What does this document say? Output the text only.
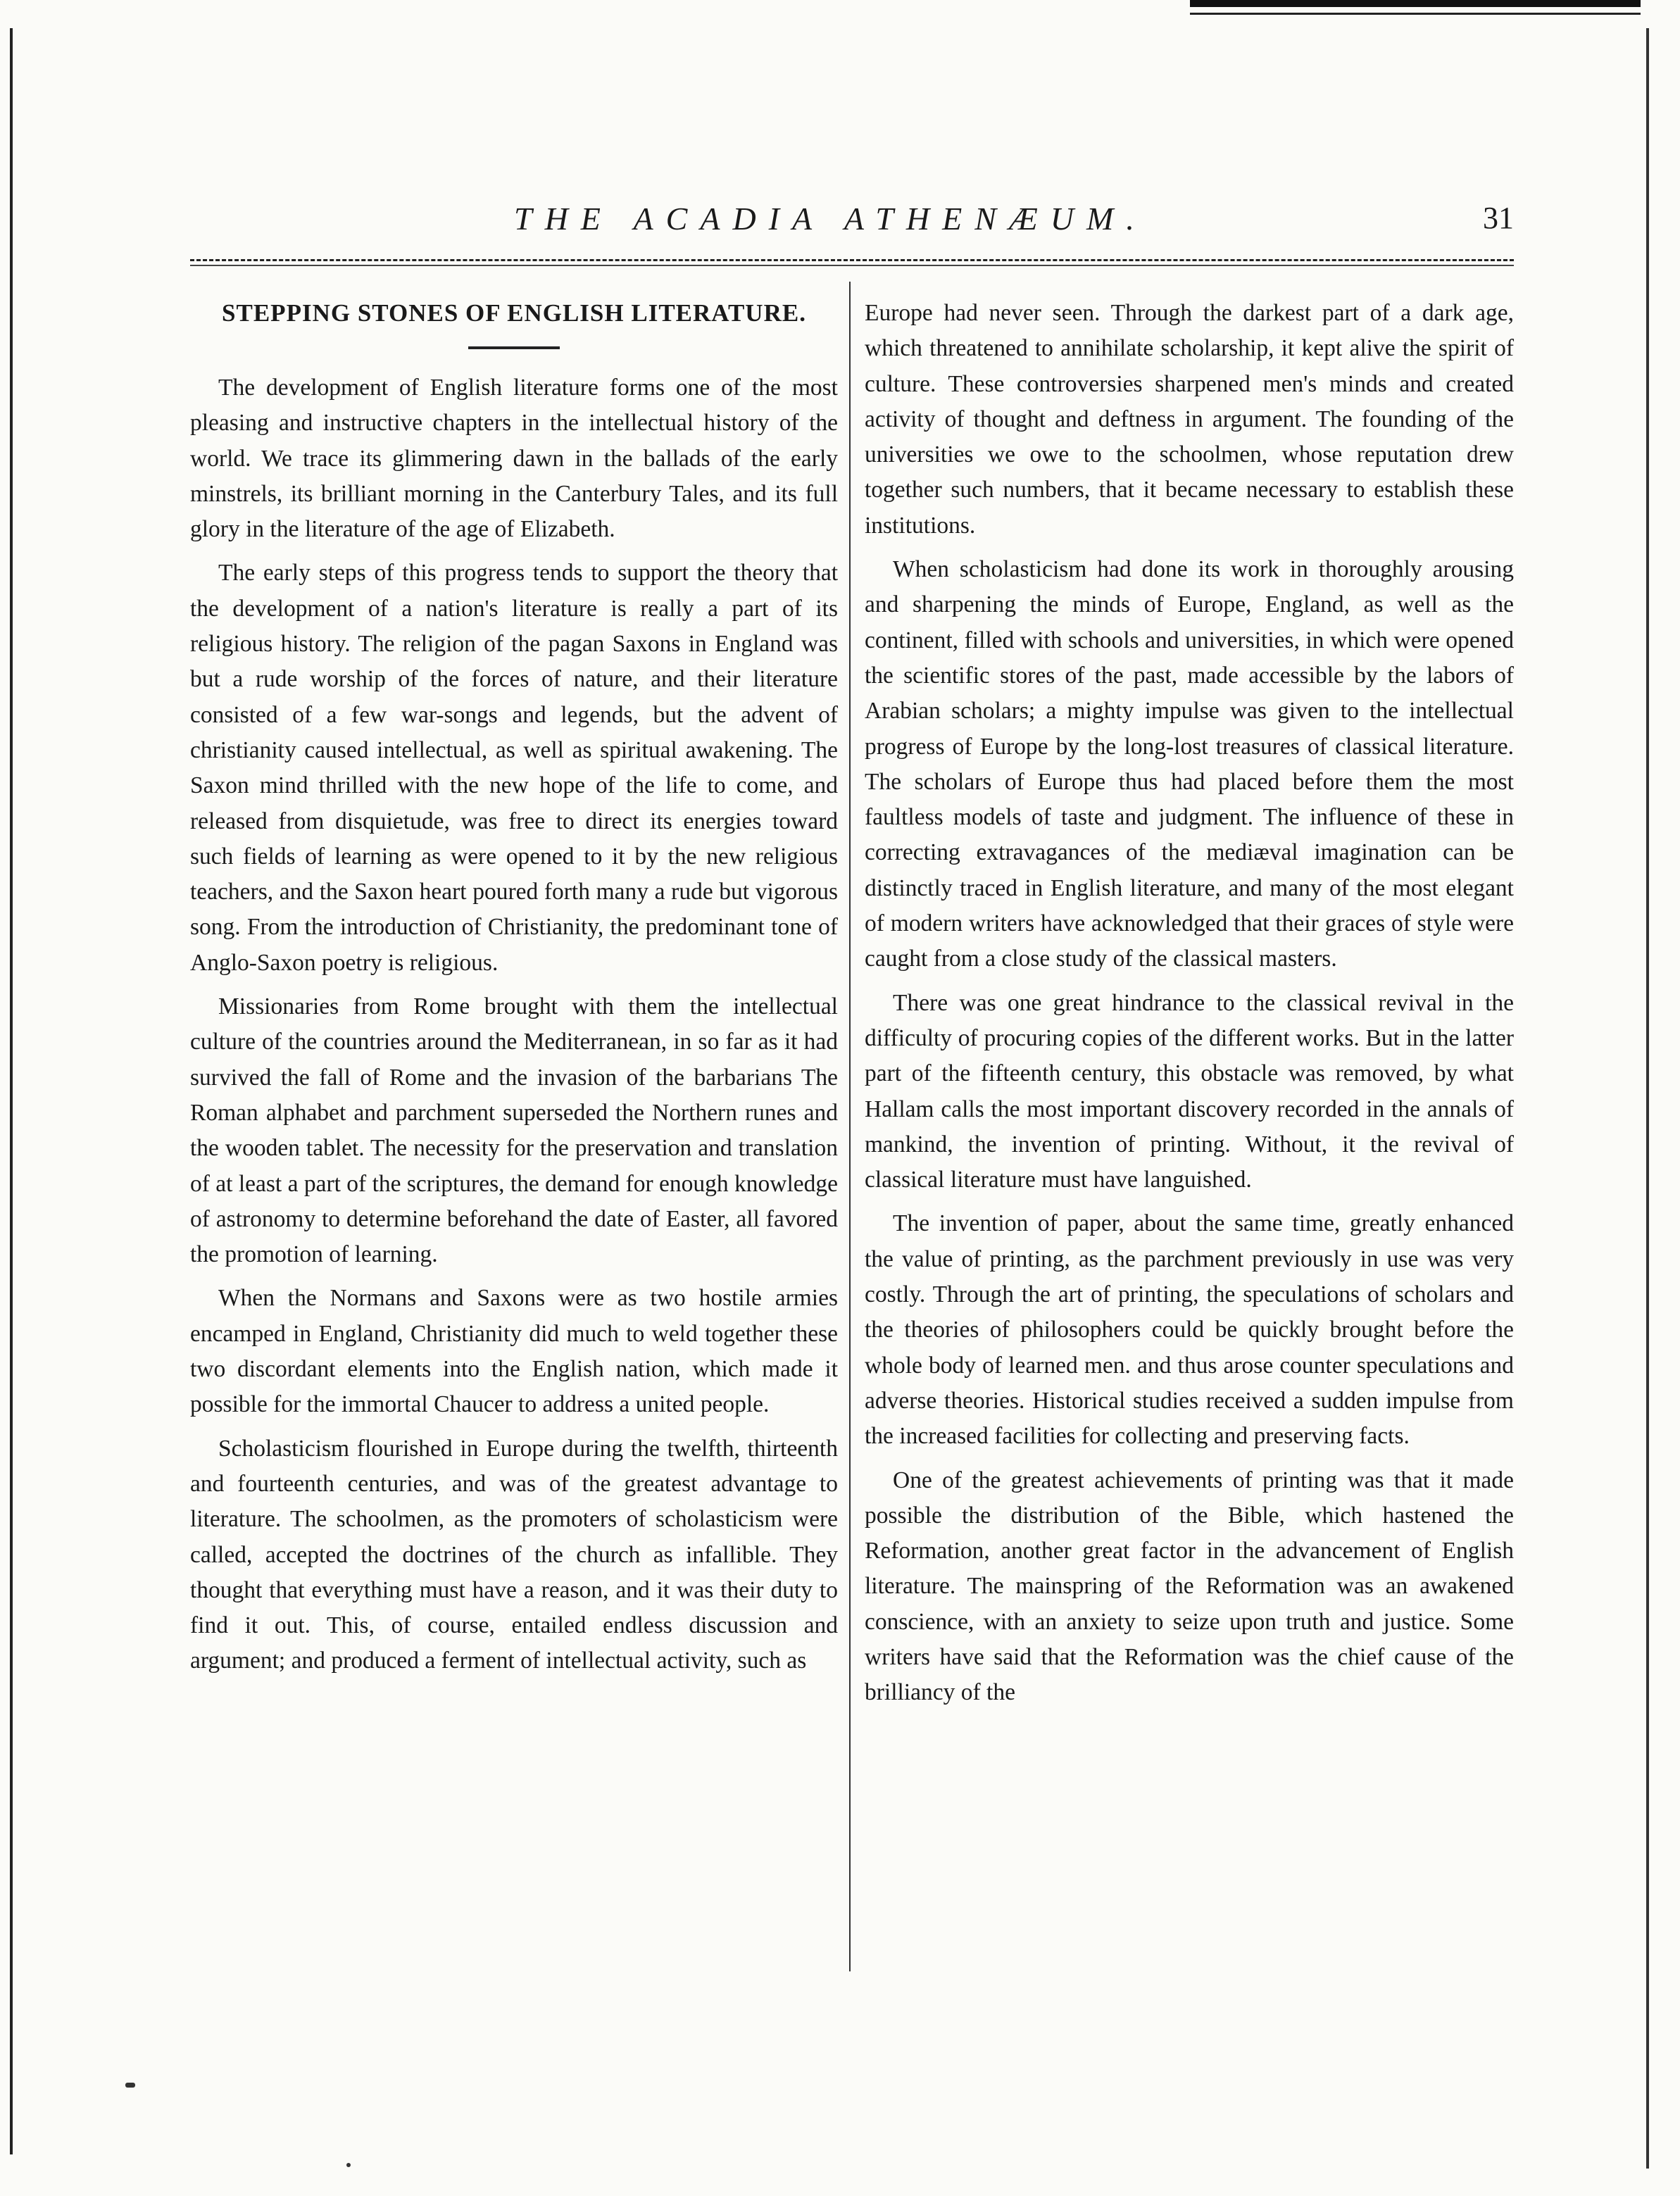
THE ACADIA ATHENÆUM.	31
STEPPING STONES OF ENGLISH LITERATURE.

The development of English literature forms one of the most pleasing and instructive chapters in the intellectual history of the world. We trace its glimmering dawn in the ballads of the early minstrels, its brilliant morning in the Canterbury Tales, and its full glory in the literature of the age of Elizabeth.

The early steps of this progress tends to support the theory that the development of a nation's literature is really a part of its religious history. The religion of the pagan Saxons in England was but a rude worship of the forces of nature, and their literature consisted of a few war-songs and legends, but the advent of christianity caused intellectual, as well as spiritual awakening. The Saxon mind thrilled with the new hope of the life to come, and released from disquietude, was free to direct its energies toward such fields of learning as were opened to it by the new religious teachers, and the Saxon heart poured forth many a rude but vigorous song. From the introduction of Christianity, the predominant tone of Anglo-Saxon poetry is religious.

Missionaries from Rome brought with them the intellectual culture of the countries around the Mediterranean, in so far as it had survived the fall of Rome and the invasion of the barbarians The Roman alphabet and parchment superseded the Northern runes and the wooden tablet. The necessity for the preservation and translation of at least a part of the scriptures, the demand for enough knowledge of astronomy to determine beforehand the date of Easter, all favored the promotion of learning.

When the Normans and Saxons were as two hostile armies encamped in England, Christianity did much to weld together these two discordant elements into the English nation, which made it possible for the immortal Chaucer to address a united people.

Scholasticism flourished in Europe during the twelfth, thirteenth and fourteenth centuries, and was of the greatest advantage to literature. The schoolmen, as the promoters of scholasticism were called, accepted the doctrines of the church as infallible. They thought that everything must have a reason, and it was their duty to find it out. This, of course, entailed endless discussion and argument; and produced a ferment of intellectual activity, such as

Europe had never seen. Through the darkest part of a dark age, which threatened to annihilate scholarship, it kept alive the spirit of culture. These controversies sharpened men's minds and created activity of thought and deftness in argument. The founding of the universities we owe to the schoolmen, whose reputation drew together such numbers, that it became necessary to establish these institutions.

When scholasticism had done its work in thoroughly arousing and sharpening the minds of Europe, England, as well as the continent, filled with schools and universities, in which were opened the scientific stores of the past, made accessible by the labors of Arabian scholars; a mighty impulse was given to the intellectual progress of Europe by the long-lost treasures of classical literature. The scholars of Europe thus had placed before them the most faultless models of taste and judgment. The influence of these in correcting extravagances of the mediæval imagination can be distinctly traced in English literature, and many of the most elegant of modern writers have acknowledged that their graces of style were caught from a close study of the classical masters.

There was one great hindrance to the classical revival in the difficulty of procuring copies of the different works. But in the latter part of the fifteenth century, this obstacle was removed, by what Hallam calls the most important discovery recorded in the annals of mankind, the invention of printing. Without, it the revival of classical literature must have languished.

The invention of paper, about the same time, greatly enhanced the value of printing, as the parchment previously in use was very costly. Through the art of printing, the speculations of scholars and the theories of philosophers could be quickly brought before the whole body of learned men. and thus arose counter speculations and adverse theories. Historical studies received a sudden impulse from the increased facilities for collecting and preserving facts.

One of the greatest achievements of printing was that it made possible the distribution of the Bible, which hastened the Reformation, another great factor in the advancement of English literature. The mainspring of the Reformation was an awakened conscience, with an anxiety to seize upon truth and justice. Some writers have said that the Reformation was the chief cause of the brilliancy of the
